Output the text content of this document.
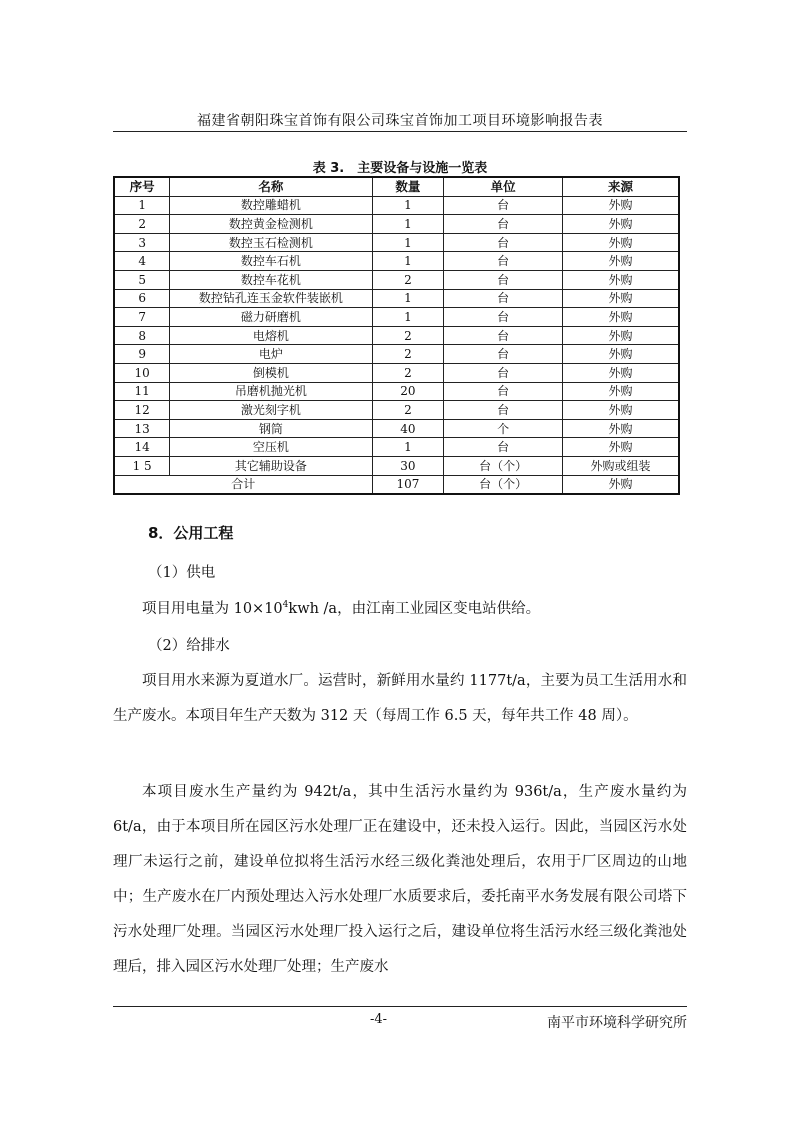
福建省朝阳珠宝首饰有限公司珠宝首饰加工项目环境影响报告表
表 3.　主要设备与设施一览表
序号	名称	数量	单位	来源
1	数控雕蜡机	1	台	外购
2	数控黄金检测机	1	台	外购
3	数控玉石检测机	1	台	外购
4	数控车石机	1	台	外购
5	数控车花机	2	台	外购
6	数控钻孔连玉金软件装嵌机	1	台	外购
7	磁力研磨机	1	台	外购
8	电熔机	2	台	外购
9	电炉	2	台	外购
10	倒模机	2	台	外购
11	吊磨机抛光机	20	台	外购
12	激光刻字机	2	台	外购
13	钢筒	40	个	外购
14	空压机	1	台	外购
1 5	其它辅助设备	30	台（个）	外购或组装
合计		107	台（个）	外购
8．公用工程
（1）供电

项目用电量为 $10\times 10^4kwh$ /a，由江南工业园区变电站供给。

（2）给排水

项目用水来源为夏道水厂。运营时，新鲜用水量约 1177t/a，主要为员工生活用水和生产废水。本项目年生产天数为 312 天（每周工作 6.5 天，每年共工作 48 周）。

本项目废水生产量约为 942t/a，其中生活污水量约为 936t/a，生产废水量约为 6t/a，由于本项目所在园区污水处理厂正在建设中，还未投入运行。因此，当园区污水处理厂未运行之前，建设单位拟将生活污水经三级化粪池处理后，农用于厂区周边的山地中；生产废水在厂内预处理达入污水处理厂水质要求后，委托南平水务发展有限公司塔下污水处理厂处理。当园区污水处理厂投入运行之后，建设单位将生活污水经三级化粪池处理后，排入园区污水处理厂处理；生产废水

-4-	南平市环境科学研究所
